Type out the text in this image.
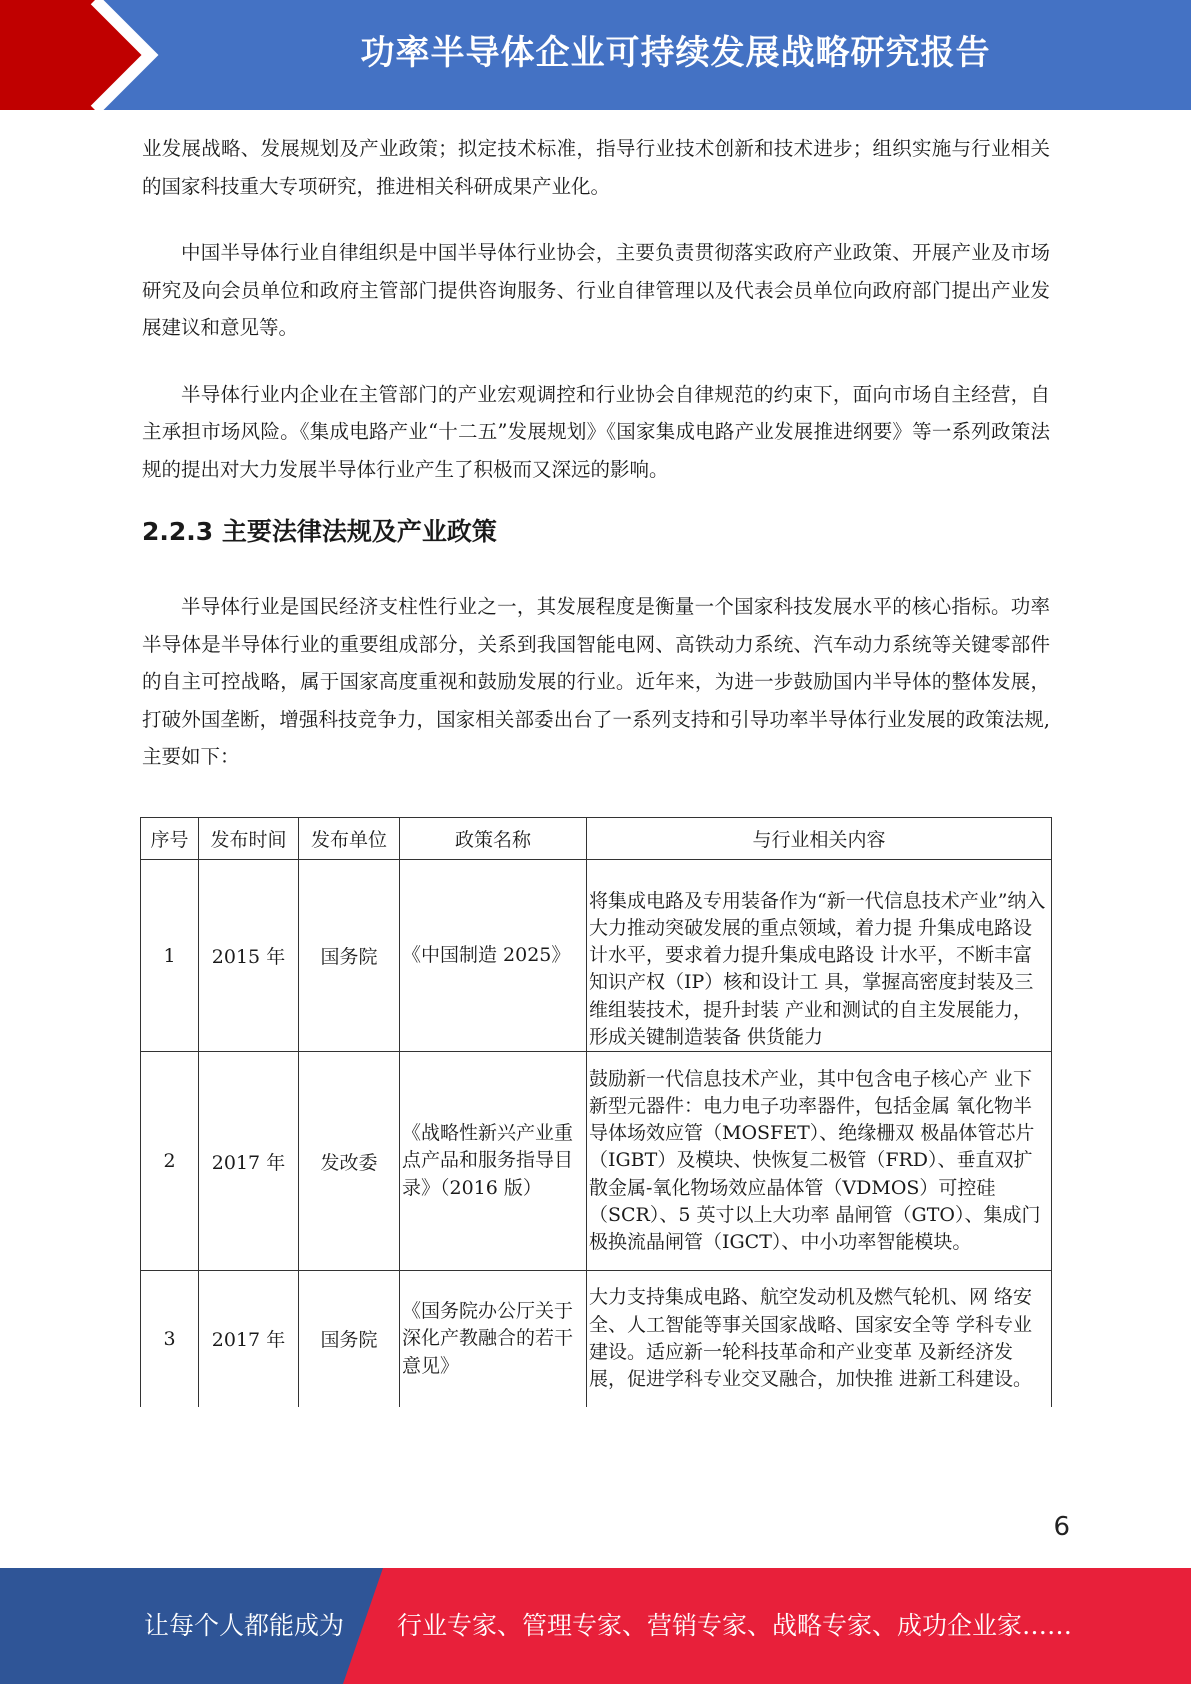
功率半导体企业可持续发展战略研究报告

业发展战略、发展规划及产业政策；拟定技术标准，指导行业技术创新和技术进步；组织实施与行业相关的国家科技重大专项研究，推进相关科研成果产业化。

中国半导体行业自律组织是中国半导体行业协会，主要负责贯彻落实政府产业政策、开展产业及市场研究及向会员单位和政府主管部门提供咨询服务、行业自律管理以及代表会员单位向政府部门提出产业发展建议和意见等。

半导体行业内企业在主管部门的产业宏观调控和行业协会自律规范的约束下，面向市场自主经营，自主承担市场风险。《集成电路产业“十二五”发展规划》《国家集成电路产业发展推进纲要》等一系列政策法规的提出对大力发展半导体行业产生了积极而又深远的影响。

2.2.3 主要法律法规及产业政策

半导体行业是国民经济支柱性行业之一，其发展程度是衡量一个国家科技发展水平的核心指标。功率半导体是半导体行业的重要组成部分，关系到我国智能电网、高铁动力系统、汽车动力系统等关键零部件的自主可控战略，属于国家高度重视和鼓励发展的行业。近年来，为进一步鼓励国内半导体的整体发展，打破外国垄断，增强科技竞争力，国家相关部委出台了一系列支持和引导功率半导体行业发展的政策法规,主要如下：

序号	发布时间	发布单位	政策名称	与行业相关内容
1	2015 年	国务院	《中国制造 2025》	将集成电路及专用装备作为“新一代信息技术产业”纳入大力推动突破发展的重点领域，着力提 升集成电路设计水平，要求着力提升集成电路设 计水平，不断丰富知识产权（IP）核和设计工 具，掌握高密度封装及三维组装技术，提升封装 产业和测试的自主发展能力，形成关键制造装备 供货能力
2	2017 年	发改委	《战略性新兴产业重点产品和服务指导目录》（2016 版）	鼓励新一代信息技术产业，其中包含电子核心产 业下新型元器件：电力电子功率器件，包括金属 氧化物半导体场效应管（MOSFET）、绝缘栅双 极晶体管芯片（IGBT）及模块、快恢复二极管（FRD）、垂直双扩散金属-氧化物场效应晶体管（VDMOS）可控硅（SCR）、5 英寸以上大功率 晶闸管（GTO）、集成门极换流晶闸管（IGCT）、中小功率智能模块。
3	2017 年	国务院	《国务院办公厅关于深化产教融合的若干意见》	大力支持集成电路、航空发动机及燃气轮机、网 络安全、人工智能等事关国家战略、国家安全等 学科专业建设。适应新一轮科技革命和产业变革 及新经济发展，促进学科专业交叉融合，加快推 进新工科建设。
6
让每个人都能成为 行业专家、管理专家、营销专家、战略专家、成功企业家……
